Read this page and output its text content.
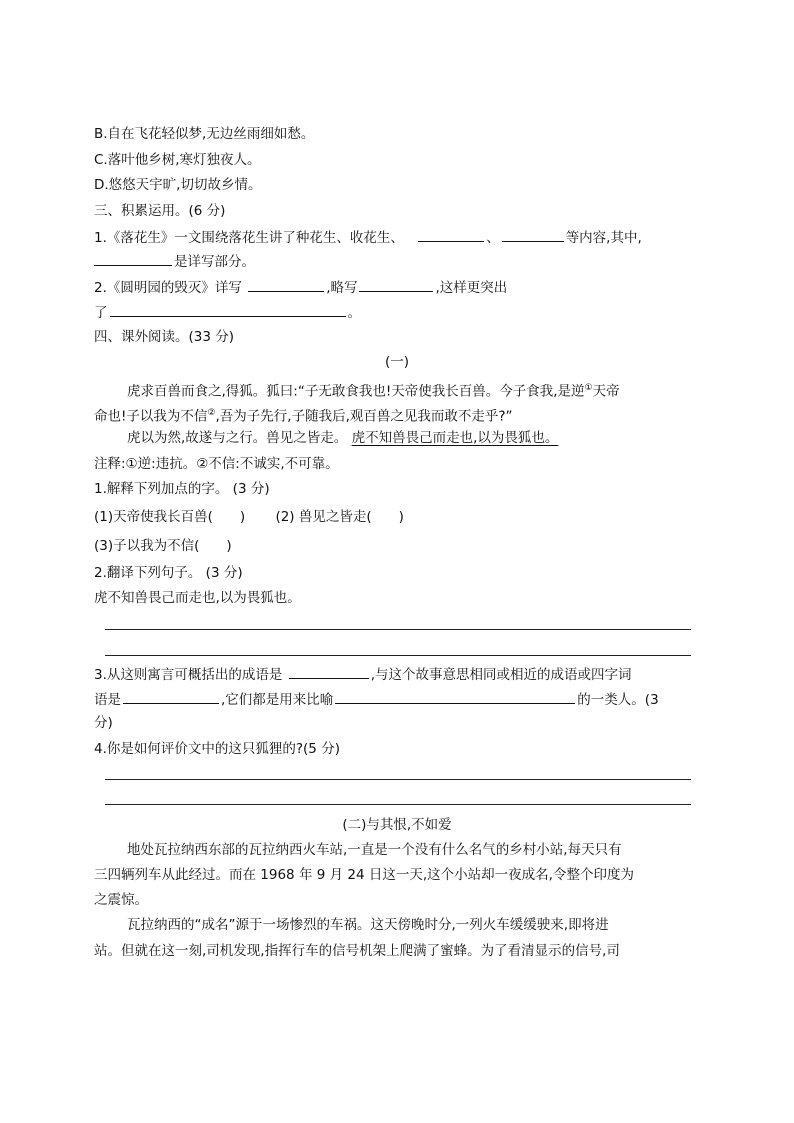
B.自在飞花轻似梦,无边丝雨细如愁。
C.落叶他乡树,寒灯独夜人。
D.悠悠天宇旷,切切故乡情。
三、积累运用。(6 分)
1.《落花生》一文围绕落花生讲了种花生、收花生、	、	等内容,其中,
是详写部分。
2.《圆明园的毁灭》详写	,略写	,这样更突出
了	。
四、课外阅读。(33 分)
(一)
虎求百兽而食之,得狐。狐曰:“子无敢食我也!天帝使我长百兽。今子食我,是逆①天帝
命也!子以我为不信②,吾为子先行,子随我后,观百兽之见我而敢不走乎?”
虎以为然,故遂与之行。兽见之皆走。 虎不知兽畏己而走也,以为畏狐也。
注释:①逆:违抗。②不信:不诚实,不可靠。
1.解释下列加点的字。 (3 分)
(1)天帝使我长百兽(　　) (2) 兽见之皆走(　　)
(3)子以我为不信(　　)
2.翻译下列句子。 (3 分)
虎不知兽畏己而走也,以为畏狐也。
3.从这则寓言可概括出的成语是	,与这个故事意思相同或相近的成语或四字词
语是	,它们都是用来比喻	的一类人。(3
分)
4.你是如何评价文中的这只狐狸的?(5 分)
(二)与其恨,不如爱
地处瓦拉纳西东部的瓦拉纳西火车站,一直是一个没有什么名气的乡村小站,每天只有
三四辆列车从此经过。而在 1968 年 9 月 24 日这一天,这个小站却一夜成名,令整个印度为
之震惊。
瓦拉纳西的“成名”源于一场惨烈的车祸。这天傍晚时分,一列火车缓缓驶来,即将进
站。但就在这一刻,司机发现,指挥行车的信号机架上爬满了蜜蜂。为了看清显示的信号,司
